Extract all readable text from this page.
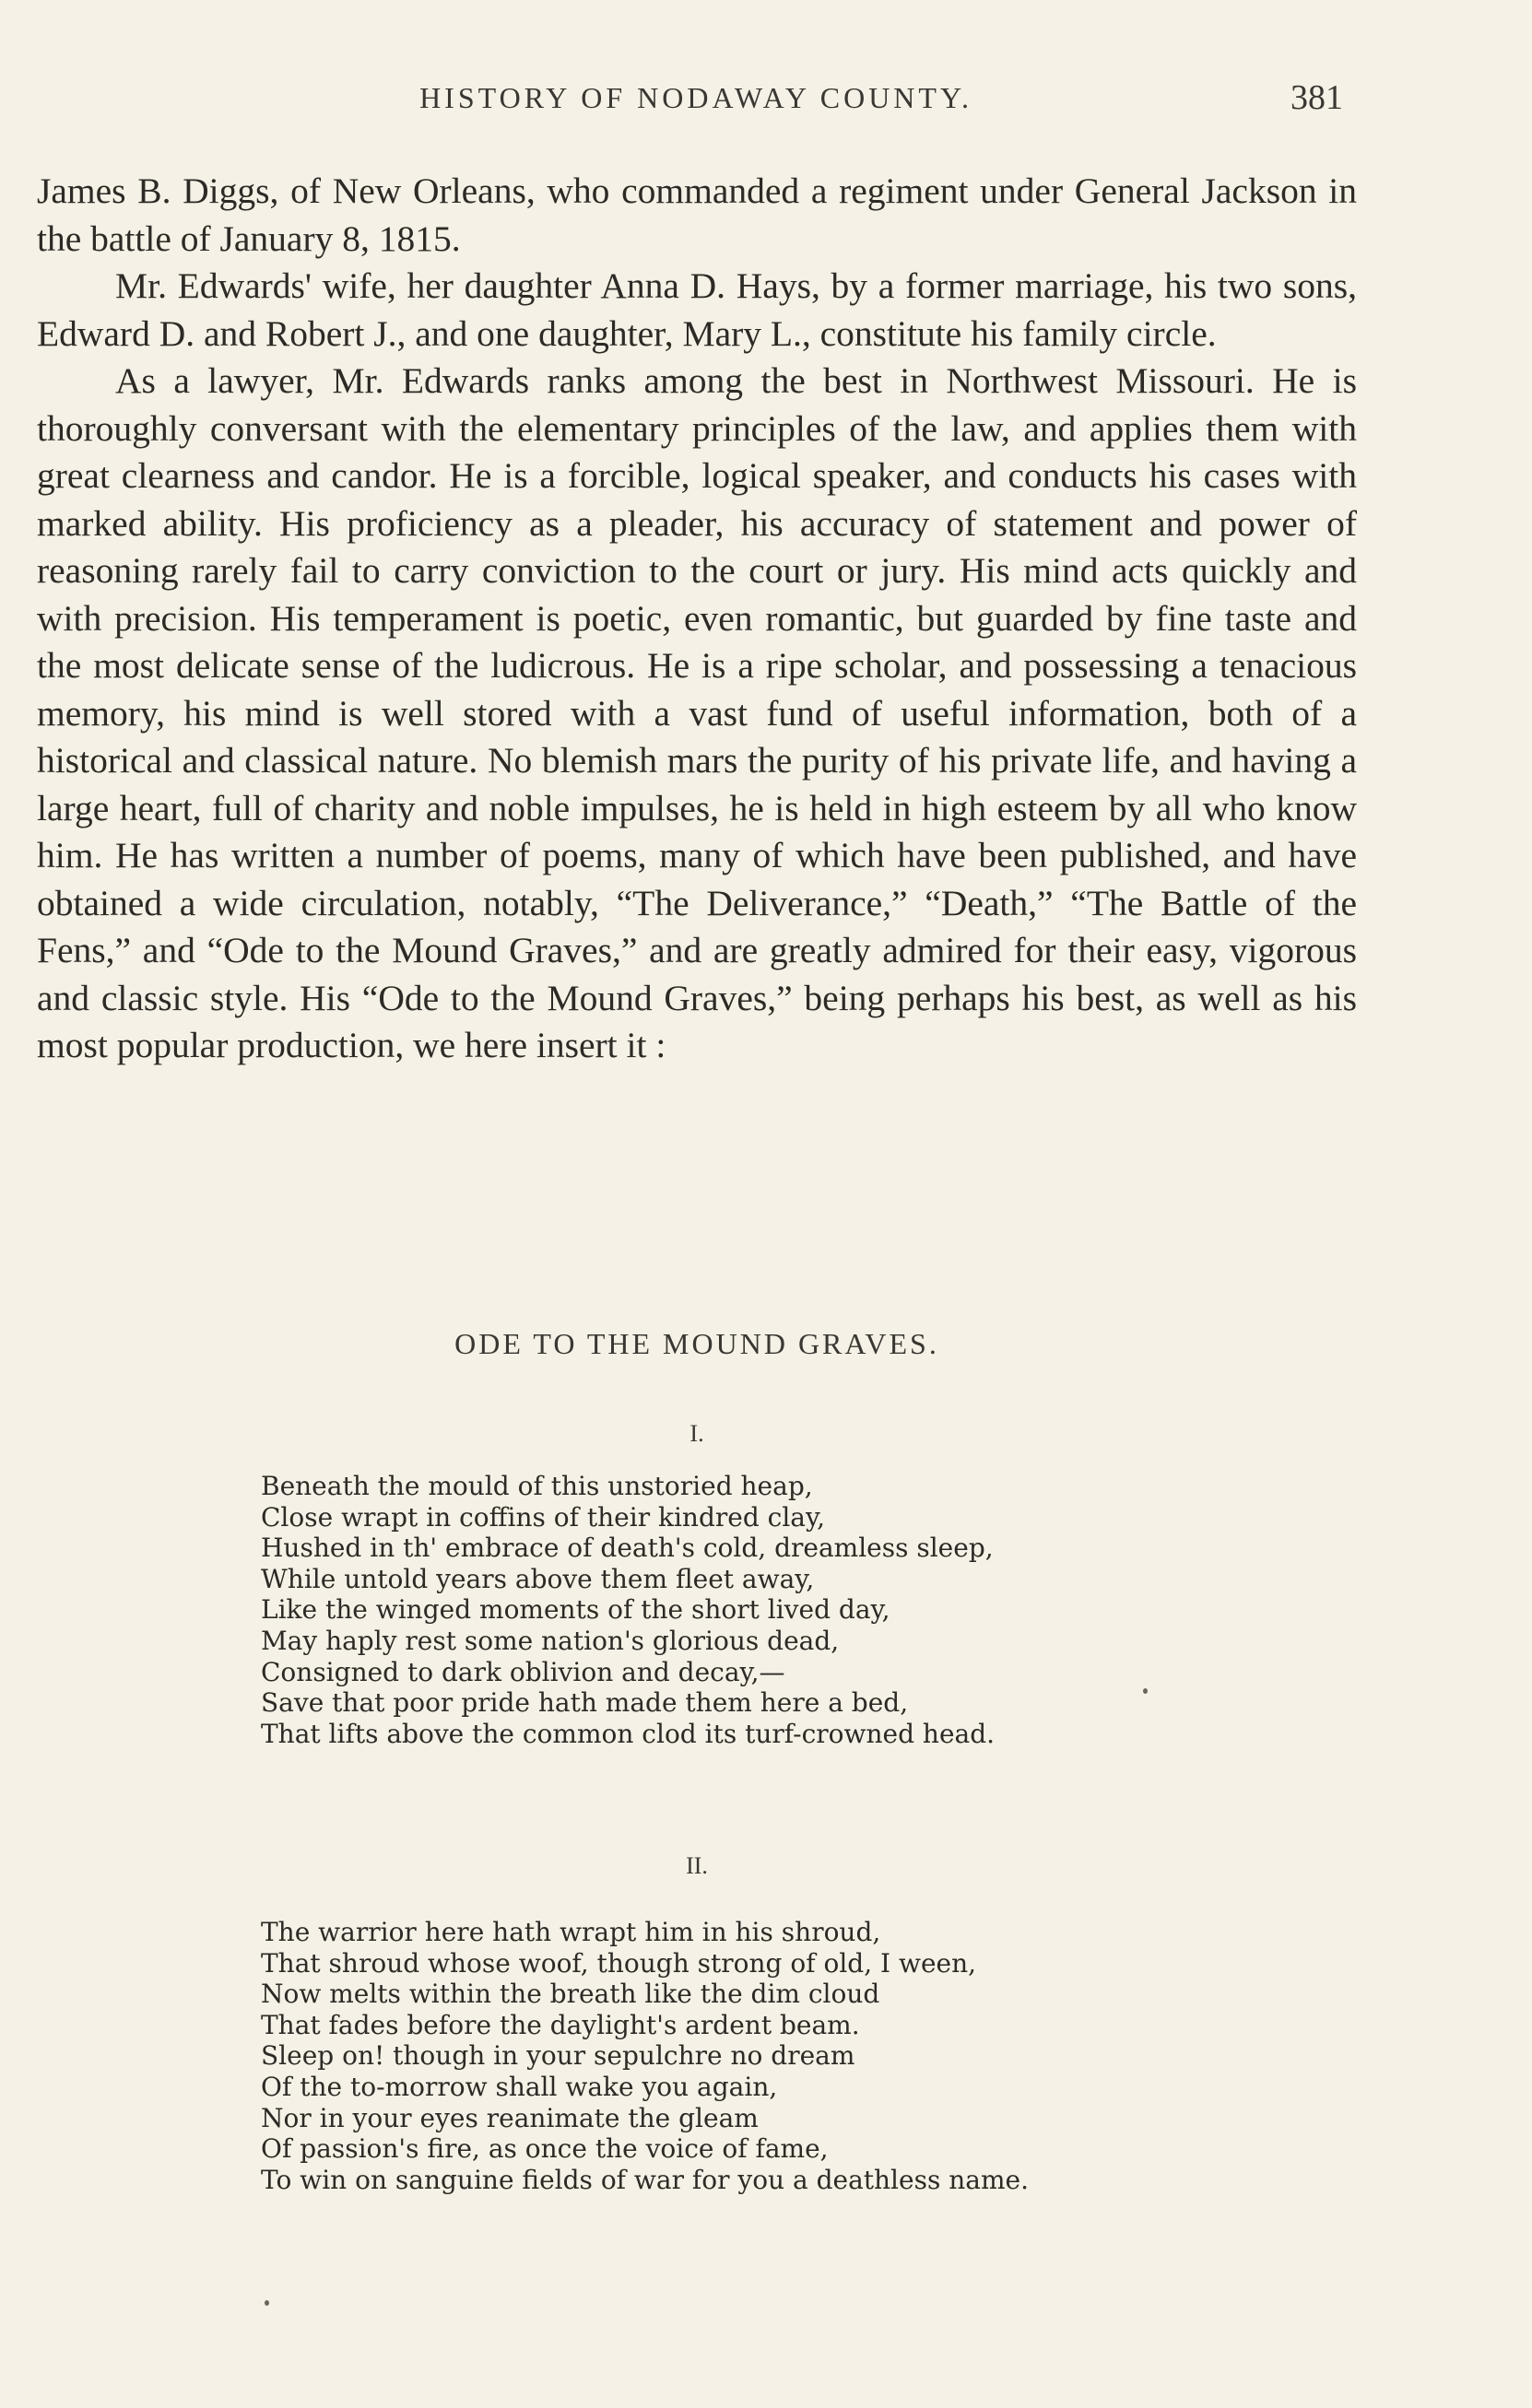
HISTORY OF NODAWAY COUNTY.	381

James B. Diggs, of New Orleans, who commanded a regiment under General Jackson in the battle of January 8, 1815.

Mr. Edwards' wife, her daughter Anna D. Hays, by a former marriage, his two sons, Edward D. and Robert J., and one daughter, Mary L., constitute his family circle.

As a lawyer, Mr. Edwards ranks among the best in Northwest Missouri. He is thoroughly conversant with the elementary principles of the law, and applies them with great clearness and candor. He is a forcible, logical speaker, and conducts his cases with marked ability. His proficiency as a pleader, his accuracy of statement and power of reasoning rarely fail to carry conviction to the court or jury. His mind acts quickly and with precision. His temperament is poetic, even romantic, but guarded by fine taste and the most delicate sense of the ludicrous. He is a ripe scholar, and possessing a tenacious memory, his mind is well stored with a vast fund of useful information, both of a historical and classical nature. No blemish mars the purity of his private life, and having a large heart, full of charity and noble impulses, he is held in high esteem by all who know him. He has written a number of poems, many of which have been published, and have obtained a wide circulation, notably, “The Deliverance,” “Death,” “The Battle of the Fens,” and “Ode to the Mound Graves,” and are greatly admired for their easy, vigorous and classic style. His “Ode to the Mound Graves,” being perhaps his best, as well as his most popular production, we here insert it :

ODE TO THE MOUND GRAVES.
I.
Beneath the mould of this unstoried heap,
Close wrapt in coffins of their kindred clay,
Hushed in th' embrace of death's cold, dreamless sleep,
While untold years above them fleet away,
Like the winged moments of the short lived day,
May haply rest some nation's glorious dead,
Consigned to dark oblivion and decay,—
Save that poor pride hath made them here a bed,
That lifts above the common clod its turf-crowned head.
II.
The warrior here hath wrapt him in his shroud,
That shroud whose woof, though strong of old, I ween,
Now melts within the breath like the dim cloud
That fades before the daylight's ardent beam.
Sleep on! though in your sepulchre no dream
Of the to-morrow shall wake you again,
Nor in your eyes reanimate the gleam
Of passion's fire, as once the voice of fame,
To win on sanguine fields of war for you a deathless name.
